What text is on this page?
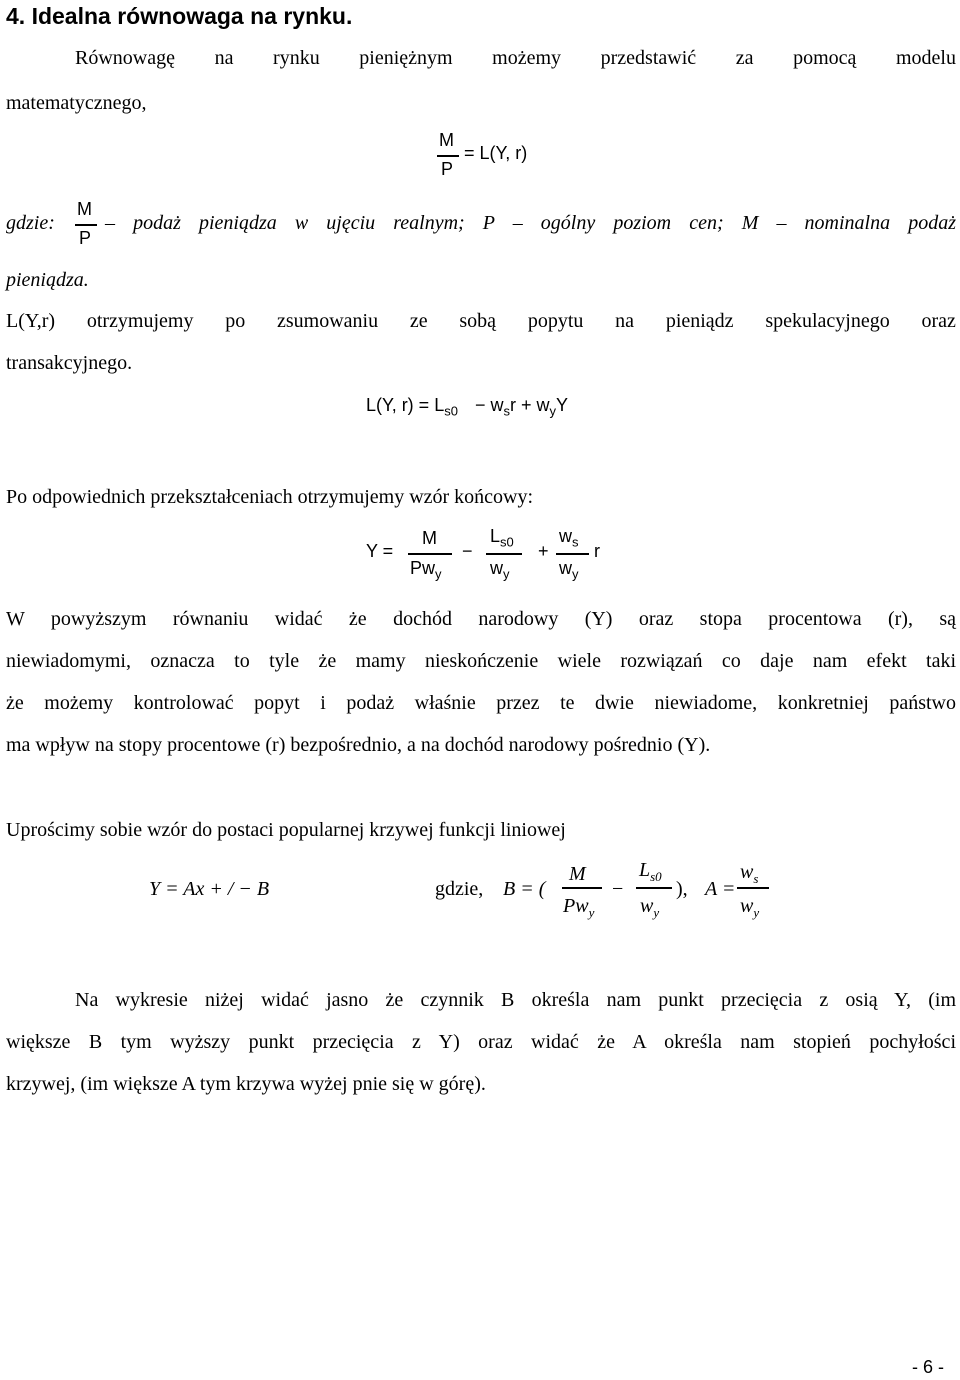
4. Idealna równowaga na rynku.
Równowagę na rynku pieniężnym możemy przedstawić za pomocą modelu
matematycznego,
M
P
= L(Y, r)
gdzie:
M
P
– podaż pieniądza w ujęciu realnym; P – ogólny poziom cen; M – nominalna podaż
pieniądza.
L(Y,r) otrzymujemy po zsumowaniu ze sobą popytu na pieniądz spekulacyjnego oraz
transakcyjnego.
L(Y, $r) = L_{s0} - w_sr + w_yY$
Po odpowiednich przekształceniach otrzymujemy wzór końcowy:
Y =
M
$Pw_y$
−
$L_{s0}$
$w_y$
+
$w_s$
$w_y$
r
W powyższym równaniu widać że dochód narodowy (Y) oraz stopa procentowa (r), są
niewiadomymi, oznacza to tyle że mamy nieskończenie wiele rozwiązań co daje nam efekt taki
że możemy kontrolować popyt i podaż właśnie przez te dwie niewiadome, konkretniej państwo
ma wpływ na stopy procentowe (r) bezpośrednio, a na dochód narodowy pośrednio (Y).
Uprościmy sobie wzór do postaci popularnej krzywej funkcji liniowej
Y = Ax + / − B	gdzie, B = (
M
$Pw_y$
−
$L_{s0}$
$w_y$
), A =
$w_s$
$w_y$
Na wykresie niżej widać jasno że czynnik B określa nam punkt przecięcia z osią Y, (im
większe B tym wyższy punkt przecięcia z Y) oraz widać że A określa nam stopień pochyłości
krzywej, (im większe A tym krzywa wyżej pnie się w górę).
- 6 -
